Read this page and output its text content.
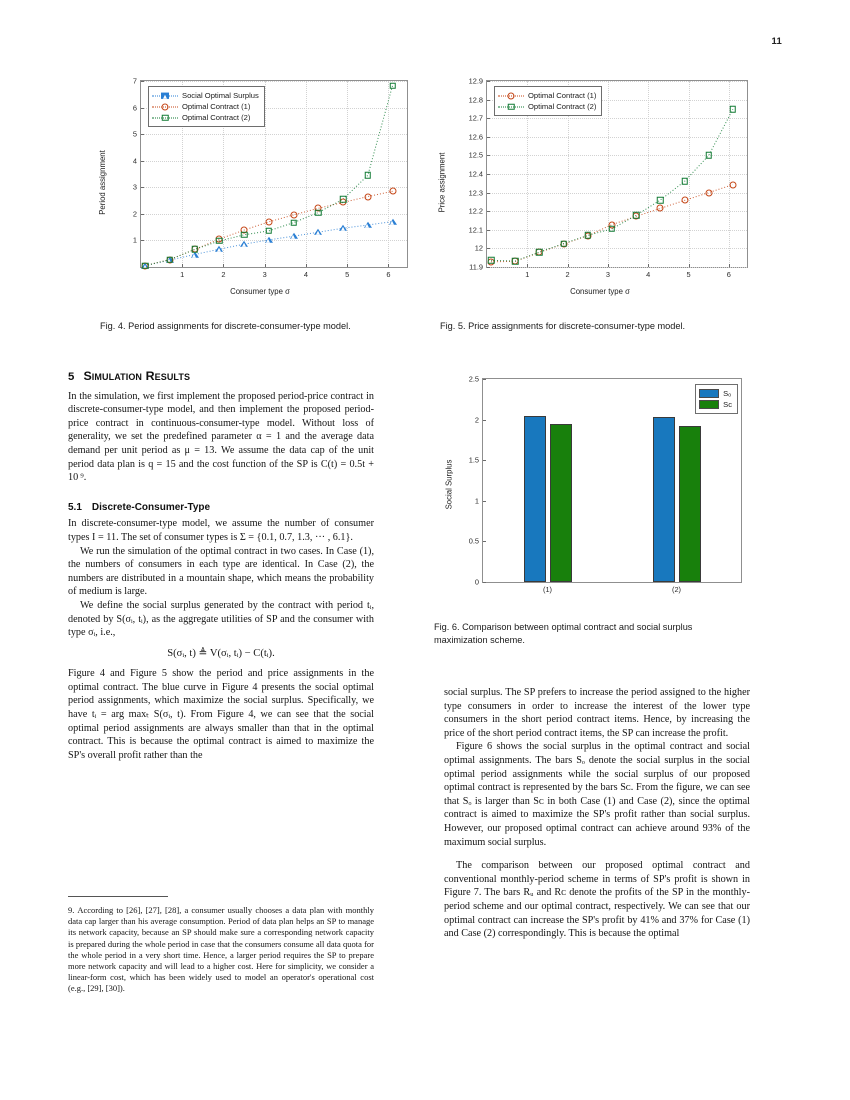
11
1
2
3
4
5
6
7
1	2	3	4	5	6
Period assignment
Consumer type σ
Social Optimal Surplus
Optimal Contract (1)
Optimal Contract (2)
Fig. 4. Period assignments for discrete-consumer-type model.
11.9
12
12.1
12.2
12.3
12.4
12.5
12.6
12.7
12.8
12.9
1	2	3	4	5	6
Price assignment
Consumer type σ
Optimal Contract (1)
Optimal Contract (2)
Fig. 5. Price assignments for discrete-consumer-type model.
0
0.5
1
1.5
2
2.5
(1)	(2)
Social Surplus
Sₒ
Sᴄ
Fig. 6. Comparison between optimal contract and social surplus maximization scheme.
5 Simulation Results

In the simulation, we first implement the proposed period-price contract in discrete-consumer-type model, and then implement the proposed period-price contract in continuous-consumer-type model. Without loss of generality, we set the predefined parameter α = 1 and the average data demand per unit period as μ = 13. We assume the data cap of the unit period data plan is q = 15 and the cost function of the SP is C(t) = 0.5t + 10 ⁹.

5.1 Discrete-Consumer-Type

In discrete-consumer-type model, we assume the number of consumer types I = 11. The set of consumer types is Σ = {0.1, 0.7, 1.3, ··· , 6.1}.

We run the simulation of the optimal contract in two cases. In Case (1), the numbers of consumers in each type are identical. In Case (2), the numbers are distributed in a mountain shape, which means the probability of medium is large.

We define the social surplus generated by the contract with period tᵢ, denoted by S(σᵢ, tᵢ), as the aggregate utilities of SP and the consumer with type σᵢ, i.e.,

S(σᵢ, t) ≜ V(σᵢ, tᵢ) − C(tᵢ).

Figure 4 and Figure 5 show the period and price assignments in the optimal contract. The blue curve in Figure 4 presents the social optimal period assignments, which maximize the social surplus. Specifically, we have tᵢ = arg maxₜ S(σᵢ, t). From Figure 4, we can see that the social optimal period assignments are always smaller than that in the optimal contract. This is because the optimal contract is aimed to maximize the SP's overall profit rather than the

9. According to [26], [27], [28], a consumer usually chooses a data plan with monthly data cap larger than his average consumption. Period of data plan helps an SP to manage its network capacity, because an SP should make sure a corresponding network capacity is prepared during the whole period in case that the consumers consume all data quota for the whole period in a very short time. Hence, a larger period requires the SP to prepare more network capacity and will lead to a higher cost. Here for simplicity, we consider a linear-form cost, which has been widely used to model an operator's operational cost (e.g., [29], [30]).

social surplus. The SP prefers to increase the period assigned to the higher type consumers in order to increase the interest of the lower type consumers in the short period contract items. Hence, by increasing the price of the short period contract items, the SP can increase the profit.

Figure 6 shows the social surplus in the optimal contract and social optimal assignments. The bars Sₒ denote the social surplus in the social optimal period assignments while the social surplus of our proposed optimal contract is represented by the bars Sᴄ. From the figure, we can see that Sₒ is larger than Sᴄ in both Case (1) and Case (2), since the optimal contract is aimed to maximize the SP's profit rather than social surplus. However, our proposed optimal contract can achieve around 93% of the maximum social surplus.

The comparison between our proposed optimal contract and conventional monthly-period scheme in terms of SP's profit is shown in Figure 7. The bars Rᵤ and Rᴄ denote the profits of the SP in the monthly-period scheme and our optimal contract, respectively. We can see that our optimal contract can increase the SP's profit by 41% and 37% for Case (1) and Case (2) correspondingly. This is because the optimal
